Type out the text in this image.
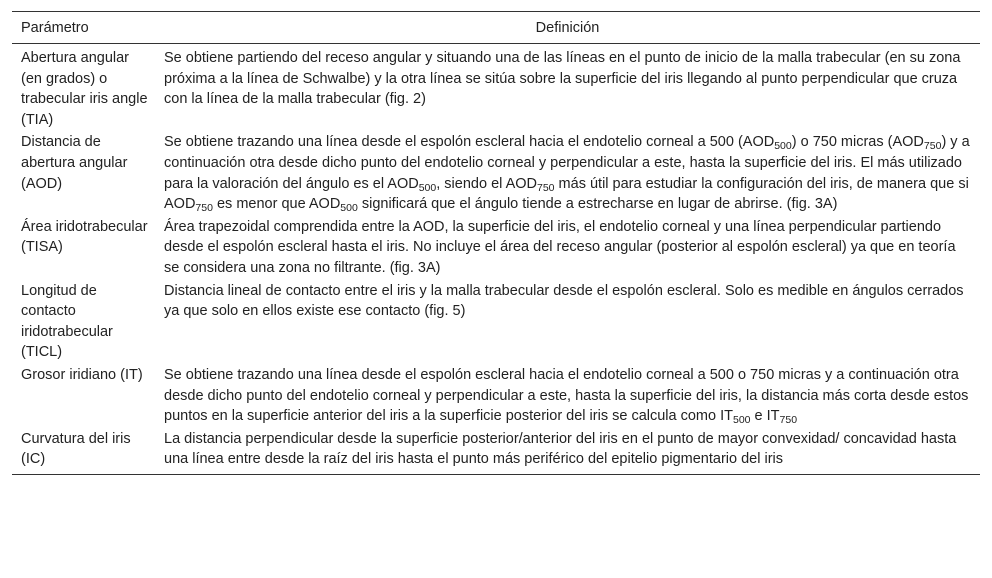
Parámetro	Definición
Abertura angular (en grados) o trabecular iris angle (TIA)	Se obtiene partiendo del receso angular y situando una de las líneas en el punto de inicio de la malla trabecular (en su zona próxima a la línea de Schwalbe) y la otra línea se sitúa sobre la superficie del iris llegando al punto perpendicular que cruza con la línea de la malla trabecular (fig. 2)
Distancia de abertura angular (AOD)	Se obtiene trazando una línea desde el espolón escleral hacia el endotelio corneal a 500 $(AOD_{500})$ o 750 micras $(AOD_{750})$ y a continuación otra desde dicho punto del endotelio corneal y perpendicular a este, hasta la superficie del iris. El más utilizado para la valoración del ángulo es el $AOD_{500}$, siendo el $AOD_{750}$ más útil para estudiar la configuración del iris, de manera que si $AOD_{750}$ es menor que $AOD_{500}$ significará que el ángulo tiende a estrecharse en lugar de abrirse. (fig. 3A)
Área iridotrabecular (TISA)	Área trapezoidal comprendida entre la AOD, la superficie del iris, el endotelio corneal y una línea perpendicular partiendo desde el espolón escleral hasta el iris. No incluye el área del receso angular (posterior al espolón escleral) ya que en teoría se considera una zona no filtrante. (fig. 3A)
Longitud de contacto iridotrabecular (TICL)	Distancia lineal de contacto entre el iris y la malla trabecular desde el espolón escleral. Solo es medible en ángulos cerrados ya que solo en ellos existe ese contacto (fig. 5)
Grosor iridiano (IT)	Se obtiene trazando una línea desde el espolón escleral hacia el endotelio corneal a 500 o 750 micras y a continuación otra desde dicho punto del endotelio corneal y perpendicular a este, hasta la superficie del iris, la distancia más corta desde estos puntos en la superficie anterior del iris a la superficie posterior del iris se calcula como $IT_{500}$ e $IT_{750}$
Curvatura del iris (IC)	La distancia perpendicular desde la superficie posterior/anterior del iris en el punto de mayor convexidad/ concavidad hasta una línea entre desde la raíz del iris hasta el punto más periférico del epitelio pigmentario del iris
